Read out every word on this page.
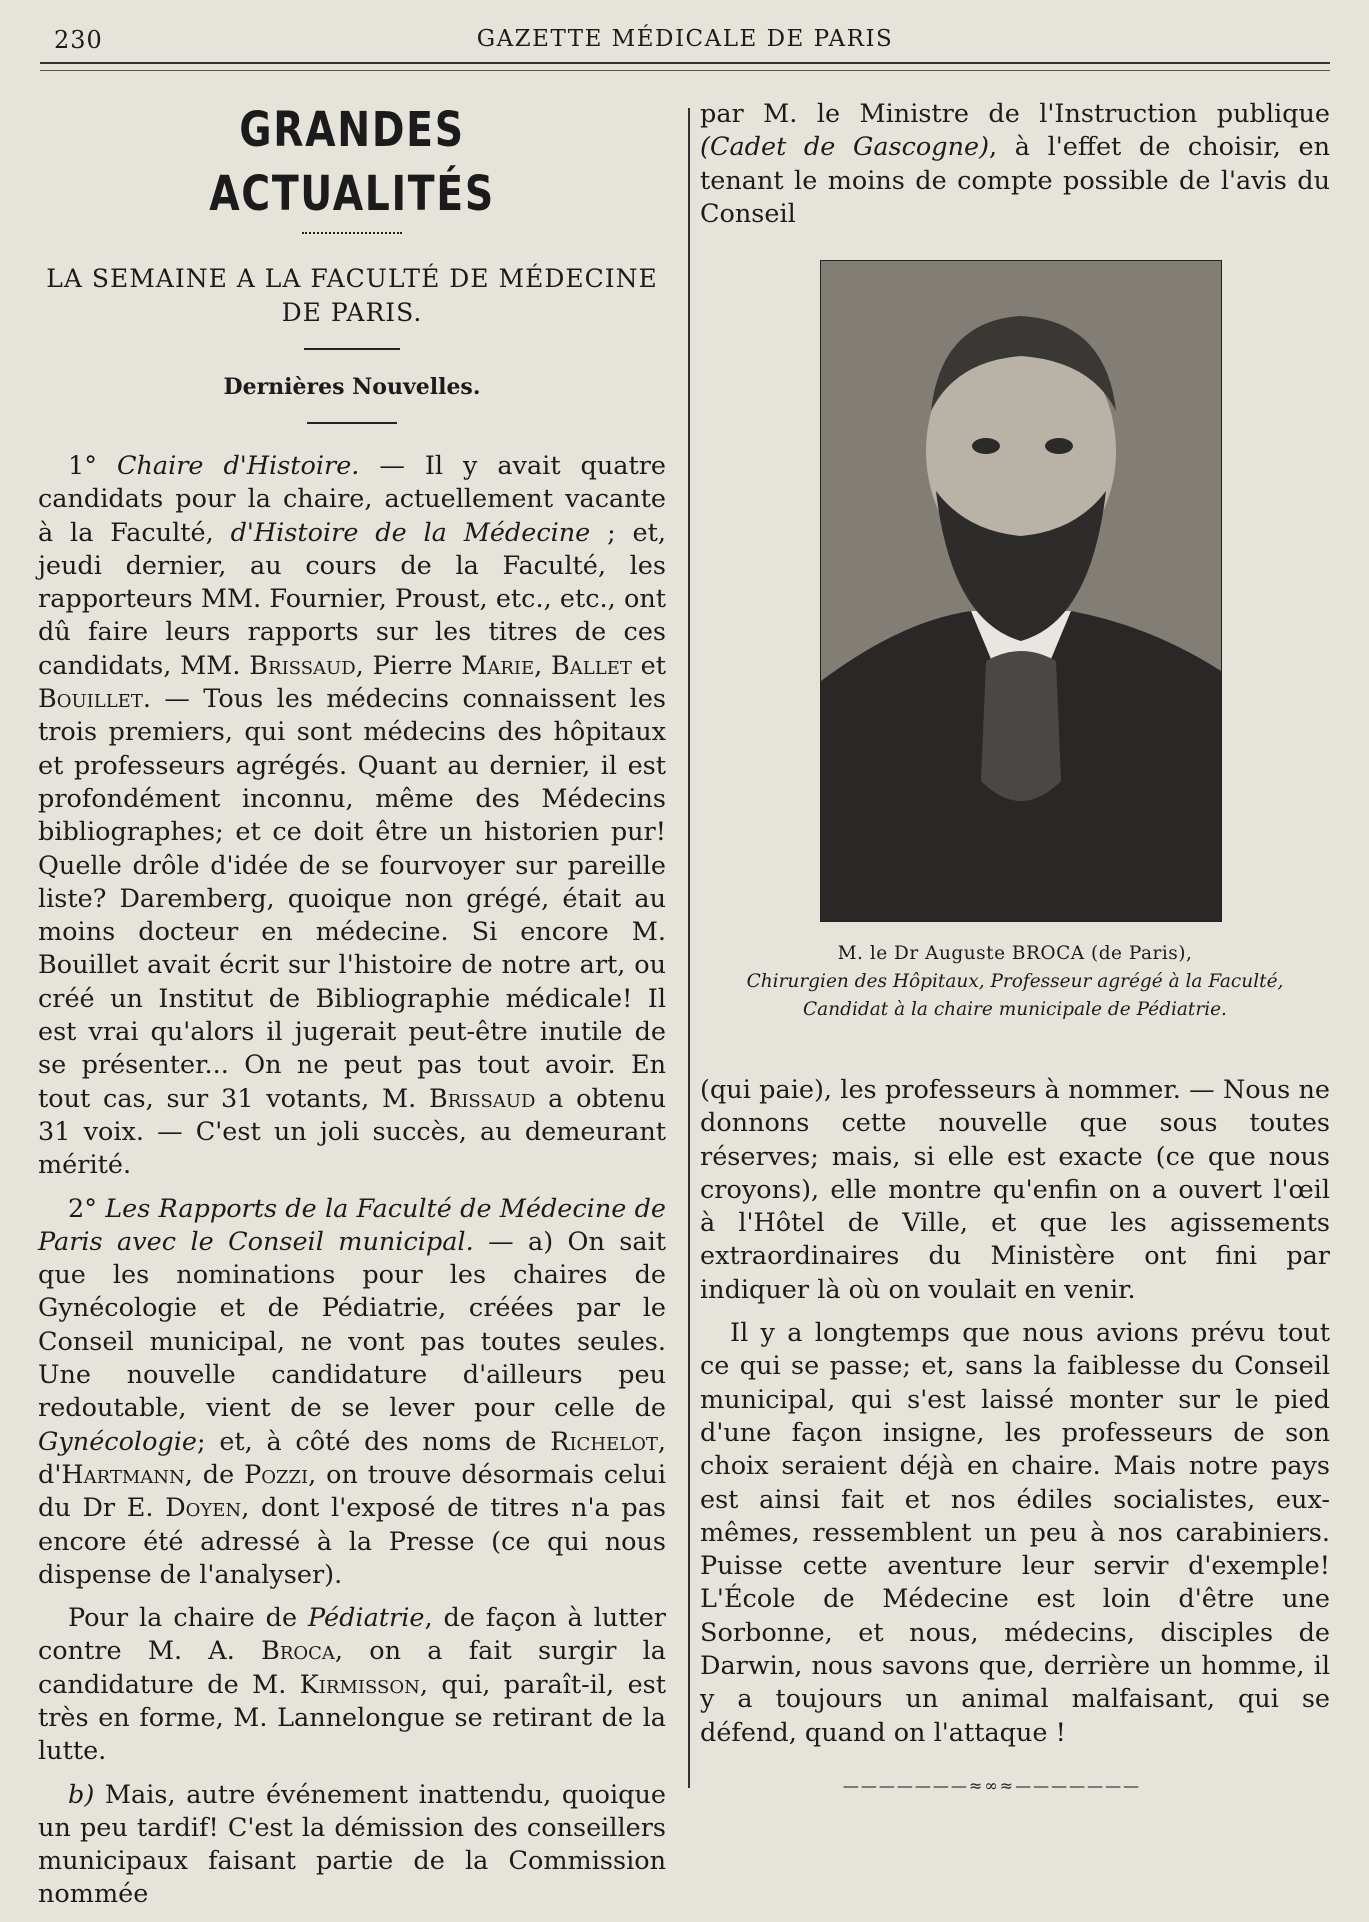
230	GAZETTE MÉDICALE DE PARIS
GRANDES ACTUALITÉS
LA SEMAINE A LA FACULTÉ DE MÉDECINE DE PARIS.
Dernières Nouvelles.

1° Chaire d'Histoire. — Il y avait quatre candidats pour la chaire, actuellement vacante à la Faculté, d'Histoire de la Médecine ; et, jeudi dernier, au cours de la Faculté, les rapporteurs MM. Fournier, Proust, etc., etc., ont dû faire leurs rapports sur les titres de ces candidats, MM. Brissaud, Pierre Marie, Ballet et Bouillet. — Tous les médecins connaissent les trois premiers, qui sont médecins des hôpitaux et professeurs agrégés. Quant au dernier, il est profondément inconnu, même des Médecins bibliographes; et ce doit être un historien pur! Quelle drôle d'idée de se fourvoyer sur pareille liste? Daremberg, quoique non grégé, était au moins docteur en médecine. Si encore M. Bouillet avait écrit sur l'histoire de notre art, ou créé un Institut de Bibliographie médicale! Il est vrai qu'alors il jugerait peut-être inutile de se présenter... On ne peut pas tout avoir. En tout cas, sur 31 votants, M. Brissaud a obtenu 31 voix. — C'est un joli succès, au demeurant mérité.

2° Les Rapports de la Faculté de Médecine de Paris avec le Conseil municipal. — a) On sait que les nominations pour les chaires de Gynécologie et de Pédiatrie, créées par le Conseil municipal, ne vont pas toutes seules. Une nouvelle candidature d'ailleurs peu redoutable, vient de se lever pour celle de Gynécologie; et, à côté des noms de Richelot, d'Hartmann, de Pozzi, on trouve désormais celui du Dr E. Doyen, dont l'exposé de titres n'a pas encore été adressé à la Presse (ce qui nous dispense de l'analyser).

Pour la chaire de Pédiatrie, de façon à lutter contre M. A. Broca, on a fait surgir la candidature de M. Kirmisson, qui, paraît-il, est très en forme, M. Lannelongue se retirant de la lutte.

b) Mais, autre événement inattendu, quoique un peu tardif! C'est la démission des conseillers municipaux faisant partie de la Commission nommée

par M. le Ministre de l'Instruction publique (Cadet de Gascogne), à l'effet de choisir, en tenant le moins de compte possible de l'avis du Conseil

M. le Dr Auguste BROCA (de Paris),
Chirurgien des Hôpitaux, Professeur agrégé à la Faculté,
Candidat à la chaire municipale de Pédiatrie.

(qui paie), les professeurs à nommer. — Nous ne donnons cette nouvelle que sous toutes réserves; mais, si elle est exacte (ce que nous croyons), elle montre qu'enfin on a ouvert l'œil à l'Hôtel de Ville, et que les agissements extraordinaires du Ministère ont fini par indiquer là où on voulait en venir.

Il y a longtemps que nous avions prévu tout ce qui se passe; et, sans la faiblesse du Conseil municipal, qui s'est laissé monter sur le pied d'une façon insigne, les professeurs de son choix seraient déjà en chaire. Mais notre pays est ainsi fait et nos édiles socialistes, eux-mêmes, ressemblent un peu à nos carabiniers. Puisse cette aventure leur servir d'exemple! L'École de Médecine est loin d'être une Sorbonne, et nous, médecins, disciples de Darwin, nous savons que, derrière un homme, il y a toujours un animal malfaisant, qui se défend, quand on l'attaque !

———————≈∞≈———————
